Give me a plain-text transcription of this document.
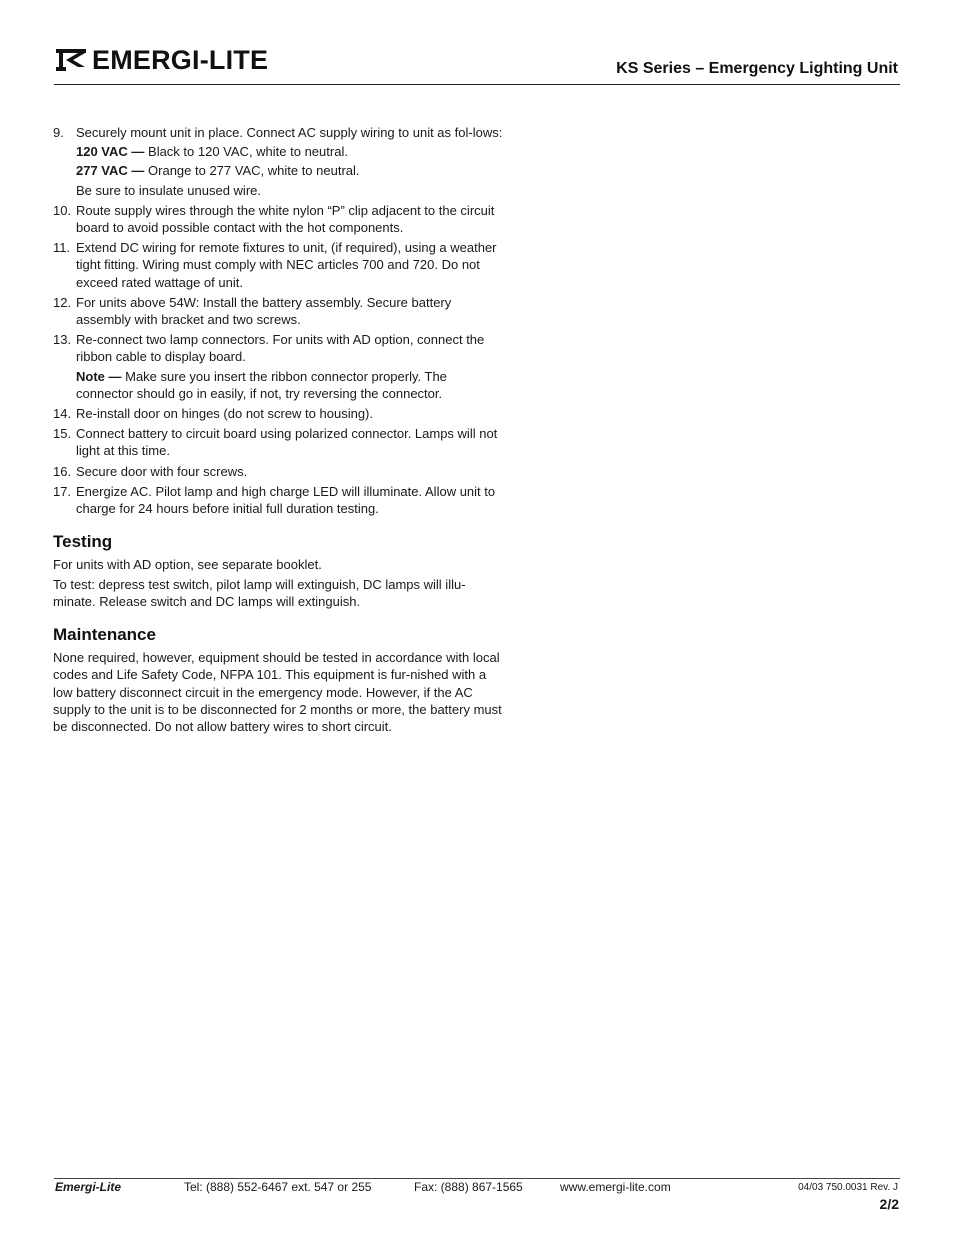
EMERGI-LITE	KS Series – Emergency Lighting Unit
9. Securely mount unit in place. Connect AC supply wiring to unit as fol-lows:
120 VAC — Black to 120 VAC, white to neutral.
277 VAC — Orange to 277 VAC, white to neutral.
Be sure to insulate unused wire.
10. Route supply wires through the white nylon “P” clip adjacent to the circuit board to avoid possible contact with the hot components.
11. Extend DC wiring for remote fixtures to unit, (if required), using a weather tight fitting. Wiring must comply with NEC articles 700 and 720. Do not exceed rated wattage of unit.
12. For units above 54W: Install the battery assembly. Secure battery assembly with bracket and two screws.
13. Re-connect two lamp connectors. For units with AD option, connect the ribbon cable to display board.
Note — Make sure you insert the ribbon connector properly. The connector should go in easily, if not, try reversing the connector.
14. Re-install door on hinges (do not screw to housing).
15. Connect battery to circuit board using polarized connector. Lamps will not light at this time.
16. Secure door with four screws.
17. Energize AC. Pilot lamp and high charge LED will illuminate. Allow unit to charge for 24 hours before initial full duration testing.
Testing

For units with AD option, see separate booklet.

To test: depress test switch, pilot lamp will extinguish, DC lamps will illu-minate. Release switch and DC lamps will extinguish.

Maintenance

None required, however, equipment should be tested in accordance with local codes and Life Safety Code, NFPA 101. This equipment is fur-nished with a low battery disconnect circuit in the emergency mode. However, if the AC supply to the unit is to be disconnected for 2 months or more, the battery must be disconnected. Do not allow battery wires to short circuit.

Emergi-Lite	Tel: (888) 552-6467 ext. 547 or 255	Fax: (888) 867-1565	www.emergi-lite.com	04/03 750.0031 Rev. J
2/2
